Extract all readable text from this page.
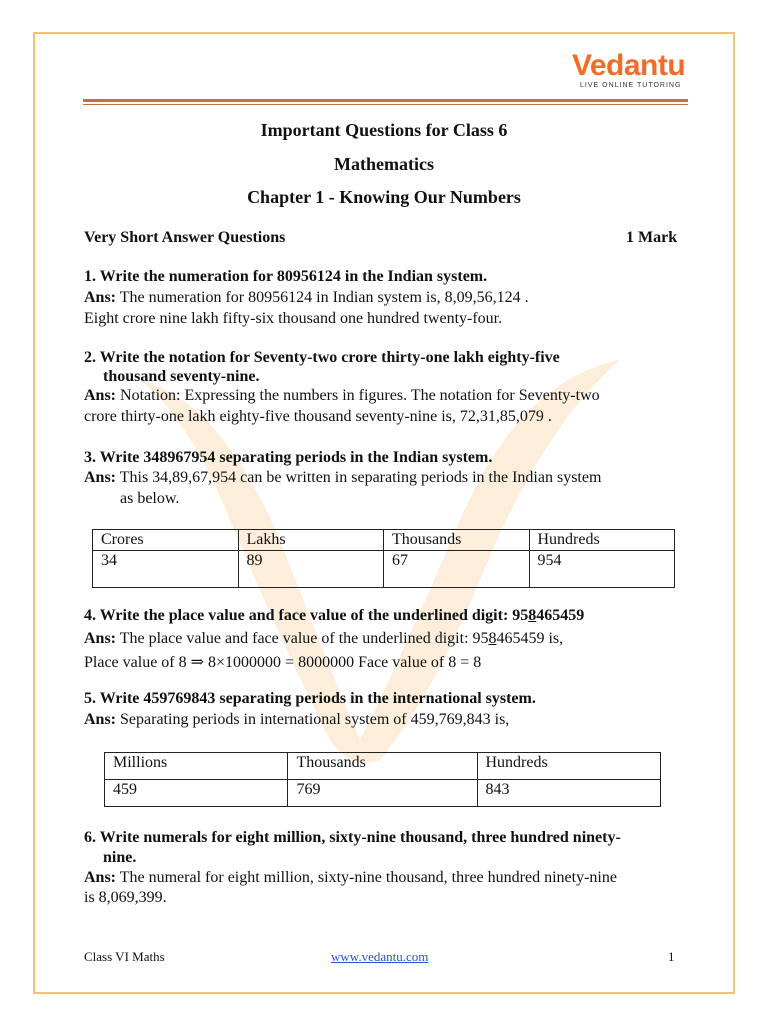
Vedantu
LIVE ONLINE TUTORING
Important Questions for Class 6
Mathematics
Chapter 1 - Knowing Our Numbers
Very Short Answer Questions	1 Mark
1. Write the numeration for 80956124 in the Indian system.
Ans: The numeration for 80956124 in Indian system is, 8,09,56,124 .
Eight crore nine lakh fifty-six thousand one hundred twenty-four.
2. Write the notation for Seventy-two crore thirty-one lakh eighty-five
thousand seventy-nine.
Ans: Notation: Expressing the numbers in figures. The notation for Seventy-two
crore thirty-one lakh eighty-five thousand seventy-nine is, 72,31,85,079 .
3. Write 348967954 separating periods in the Indian system.
Ans: This 34,89,67,954 can be written in separating periods in the Indian system
as below.
Crores	Lakhs	Thousands	Hundreds
34	89	67	954
4. Write the place value and face value of the underlined digit: 958465459
Ans: The place value and face value of the underlined digit: 958465459 is,
Place value of 8 ⇒ 8×1000000 = 8000000 Face value of 8 = 8
5. Write 459769843 separating periods in the international system.
Ans: Separating periods in international system of 459,769,843 is,
Millions	Thousands	Hundreds
459	769	843
6. Write numerals for eight million, sixty-nine thousand, three hundred ninety-
nine.
Ans: The numeral for eight million, sixty-nine thousand, three hundred ninety-nine
is 8,069,399.
Class VI Maths	www.vedantu.com	1
